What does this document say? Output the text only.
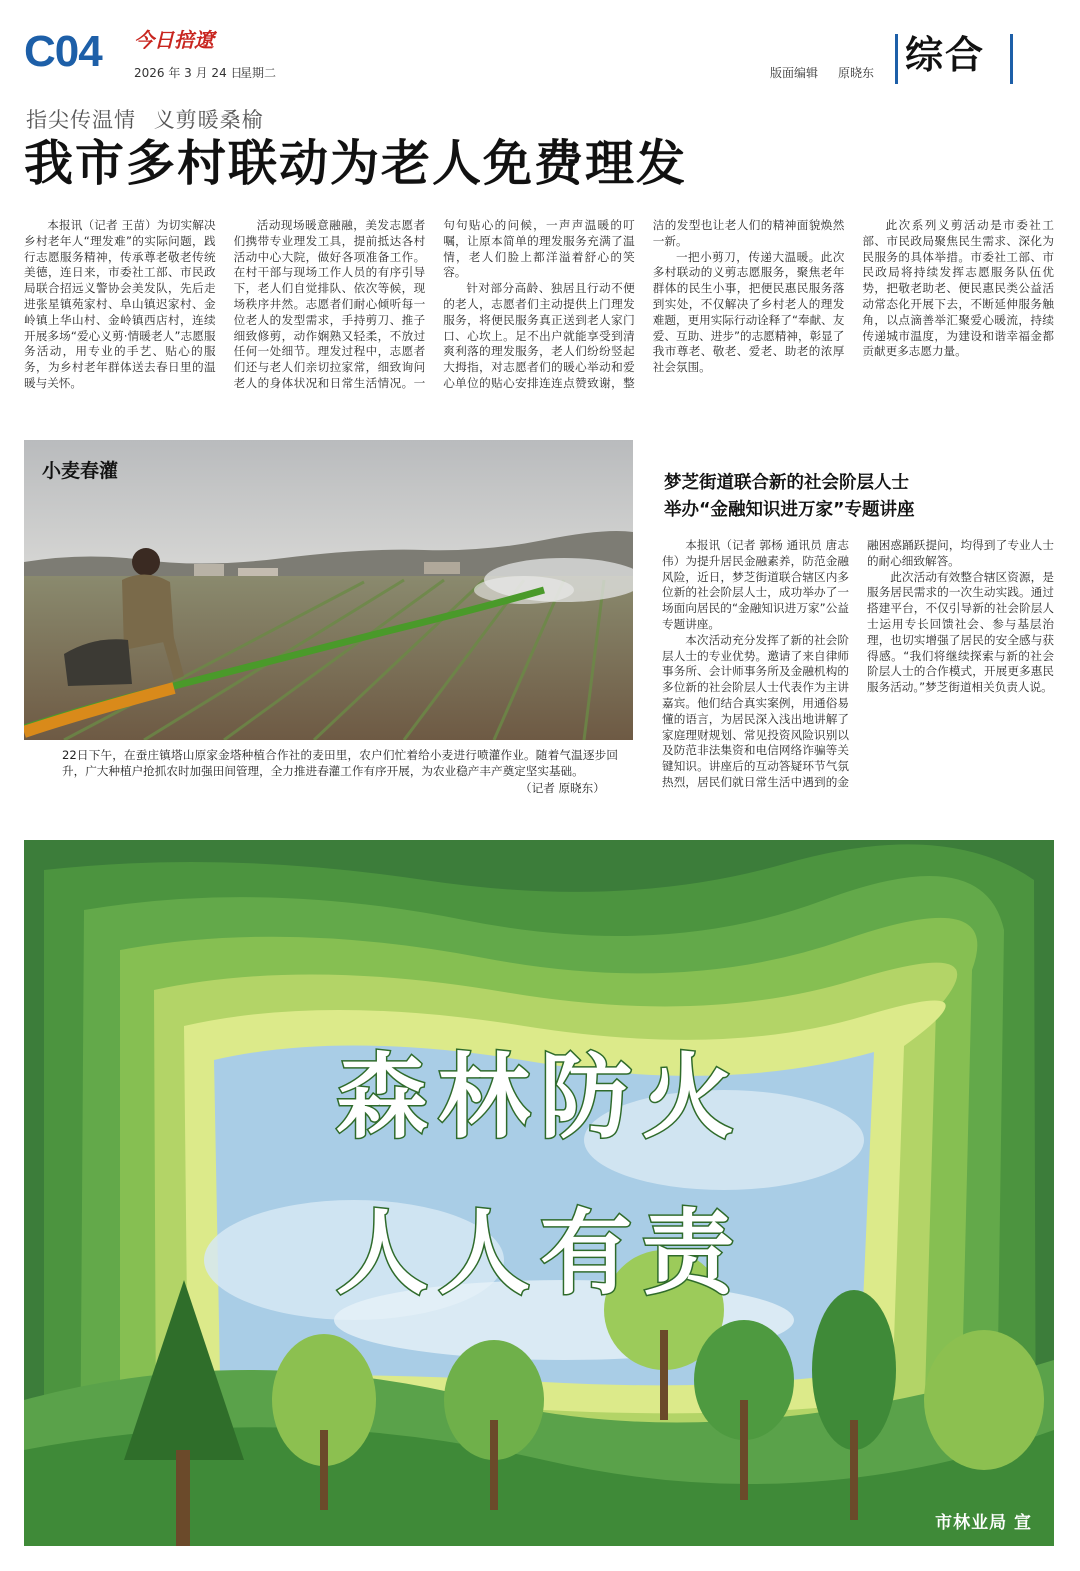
C04 今日掊遼
2026 年 3 月 24 日
星期二	版面编辑 原晓东 综合
指尖传温情 义剪暖桑榆
我市多村联动为老人免费理发

本报讯（记者 王苗）为切实解决乡村老年人“理发难”的实际问题，践行志愿服务精神，传承尊老敬老传统美德，连日来，市委社工部、市民政局联合招远义警协会美发队，先后走进张星镇苑家村、阜山镇迟家村、金岭镇上华山村、金岭镇西店村，连续开展多场“爱心义剪·情暖老人”志愿服务活动，用专业的手艺、贴心的服务，为乡村老年群体送去春日里的温暖与关怀。

活动现场暖意融融，美发志愿者们携带专业理发工具，提前抵达各村活动中心大院，做好各项准备工作。在村干部与现场工作人员的有序引导下，老人们自觉排队、依次等候，现场秩序井然。志愿者们耐心倾听每一位老人的发型需求，手持剪刀、推子细致修剪，动作娴熟又轻柔，不放过任何一处细节。理发过程中，志愿者们还与老人们亲切拉家常，细致询问老人的身体状况和日常生活情况。一句句贴心的问候，一声声温暖的叮嘱，让原本简单的理发服务充满了温情，老人们脸上都洋溢着舒心的笑容。

针对部分高龄、独居且行动不便的老人，志愿者们主动提供上门理发服务，将便民服务真正送到老人家门口、心坎上。足不出户就能享受到清爽利落的理发服务，老人们纷纷竖起大拇指，对志愿者们的暖心举动和爱心单位的贴心安排连连点赞致谢，整洁的发型也让老人们的精神面貌焕然一新。

一把小剪刀，传递大温暖。此次多村联动的义剪志愿服务，聚焦老年群体的民生小事，把便民惠民服务落到实处，不仅解决了乡村老人的理发难题，更用实际行动诠释了“奉献、友爱、互助、进步”的志愿精神，彰显了我市尊老、敬老、爱老、助老的浓厚社会氛围。

此次系列义剪活动是市委社工部、市民政局聚焦民生需求、深化为民服务的具体举措。市委社工部、市民政局将持续发挥志愿服务队伍优势，把敬老助老、便民惠民类公益活动常态化开展下去，不断延伸服务触角，以点滴善举汇聚爱心暖流，持续传递城市温度，为建设和谐幸福金都贡献更多志愿力量。

小麦春灌
22日下午，在蚕庄镇塔山原家金塔种植合作社的麦田里，农户们忙着给小麦进行喷灌作业。随着气温逐步回升，广大种植户抢抓农时加强田间管理，全力推进春灌工作有序开展，为农业稳产丰产奠定坚实基础。
（记者 原晓东）
梦芝街道联合新的社会阶层人士
举办“金融知识进万家”专题讲座

本报讯（记者 郭杨 通讯员 唐志伟）为提升居民金融素养，防范金融风险，近日，梦芝街道联合辖区内多位新的社会阶层人士，成功举办了一场面向居民的“金融知识进万家”公益专题讲座。

本次活动充分发挥了新的社会阶层人士的专业优势。邀请了来自律师事务所、会计师事务所及金融机构的多位新的社会阶层人士代表作为主讲嘉宾。他们结合真实案例，用通俗易懂的语言，为居民深入浅出地讲解了家庭理财规划、常见投资风险识别以及防范非法集资和电信网络诈骗等关键知识。讲座后的互动答疑环节气氛热烈，居民们就日常生活中遇到的金融困惑踊跃提问，均得到了专业人士的耐心细致解答。

此次活动有效整合辖区资源，是服务居民需求的一次生动实践。通过搭建平台，不仅引导新的社会阶层人士运用专长回馈社会、参与基层治理，也切实增强了居民的安全感与获得感。“我们将继续探索与新的社会阶层人士的合作模式，开展更多惠民服务活动。”梦芝街道相关负责人说。

森林防火
人人有责
市林业局 宣
